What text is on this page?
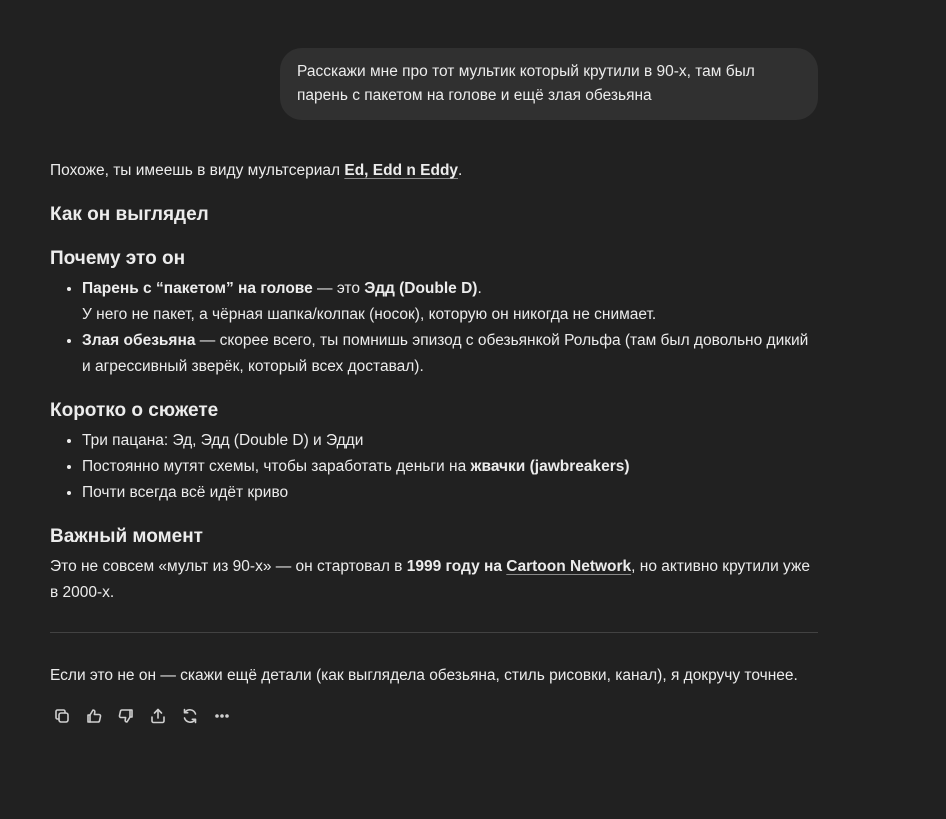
Расскажи мне про тот мультик который крутили в 90-х, там был парень с пакетом на голове и ещё злая обезьяна

Похоже, ты имеешь в виду мультсериал Ed, Edd n Eddy.

Как он выглядел
Почему это он
• Парень с “пакетом” на голове — это Эдд (Double D).
У него не пакет, а чёрная шапка/колпак (носок), которую он никогда не снимает.
• Злая обезьяна — скорее всего, ты помнишь эпизод с обезьянкой Рольфа (там был довольно дикий и агрессивный зверёк, который всех доставал).
Коротко о сюжете
• Три пацана: Эд, Эдд (Double D) и Эдди
• Постоянно мутят схемы, чтобы заработать деньги на жвачки (jawbreakers)
• Почти всегда всё идёт криво
Важный момент

Это не совсем «мульт из 90-х» — он стартовал в 1999 году на Cartoon Network, но активно крутили уже в 2000-х.

Если это не он — скажи ещё детали (как выглядела обезьяна, стиль рисовки, канал), я докручу точнее.
